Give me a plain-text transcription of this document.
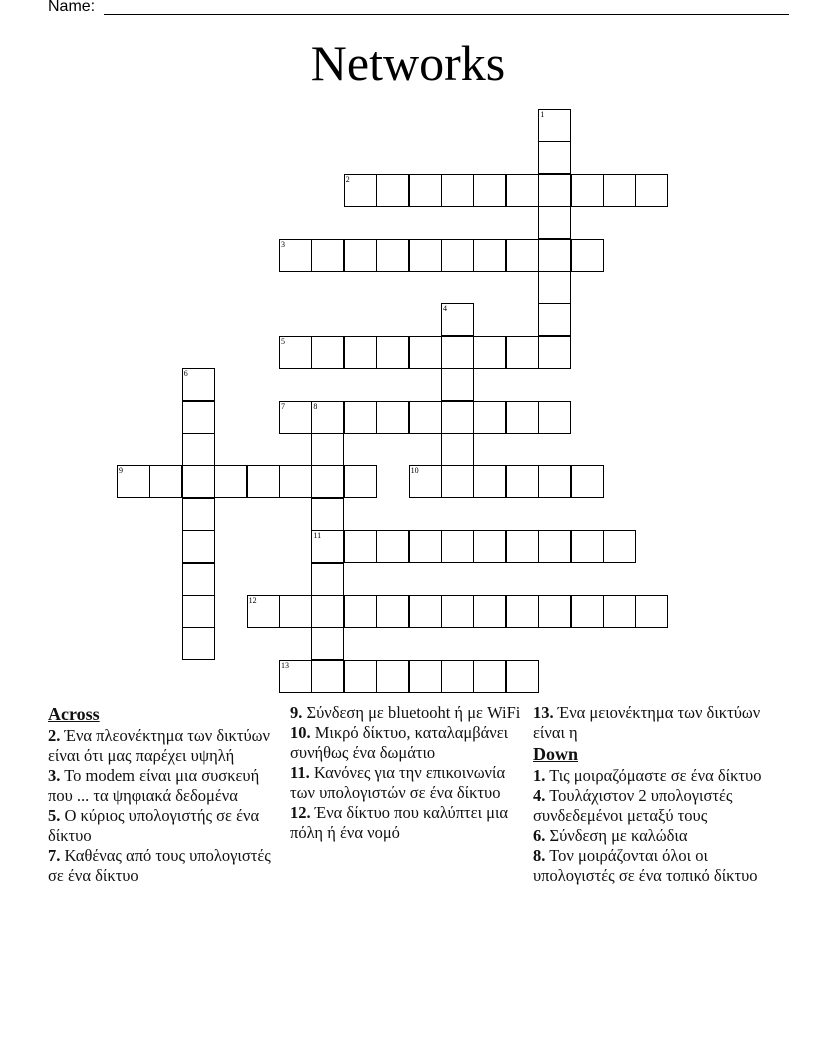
Name:
Networks
2
3
5
7	8
9	10
11
12
13
1
4
6
Across
2. Ένα πλεονέκτημα των δικτύων είναι ότι μας παρέχει υψηλή
3. Το modem είναι μια συσκευή που ... τα ψηφιακά δεδομένα
5. Ο κύριος υπολογιστής σε ένα δίκτυο
7. Καθένας από τους υπολογιστές σε ένα δίκτυο
9. Σύνδεση με bluetooht ή με WiFi
10. Μικρό δίκτυο, καταλαμβάνει συνήθως ένα δωμάτιο
11. Κανόνες για την επικοινωνία των υπολογιστών σε ένα δίκτυο
12. Ένα δίκτυο που καλύπτει μια πόλη ή ένα νομό
13. Ένα μειονέκτημα των δικτύων είναι η
Down
1. Τις μοιραζόμαστε σε ένα δίκτυο
4. Τουλάχιστον 2 υπολογιστές συνδεδεμένοι μεταξύ τους
6. Σύνδεση με καλώδια
8. Τον μοιράζονται όλοι οι υπολογιστές σε ένα τοπικό δίκτυο
